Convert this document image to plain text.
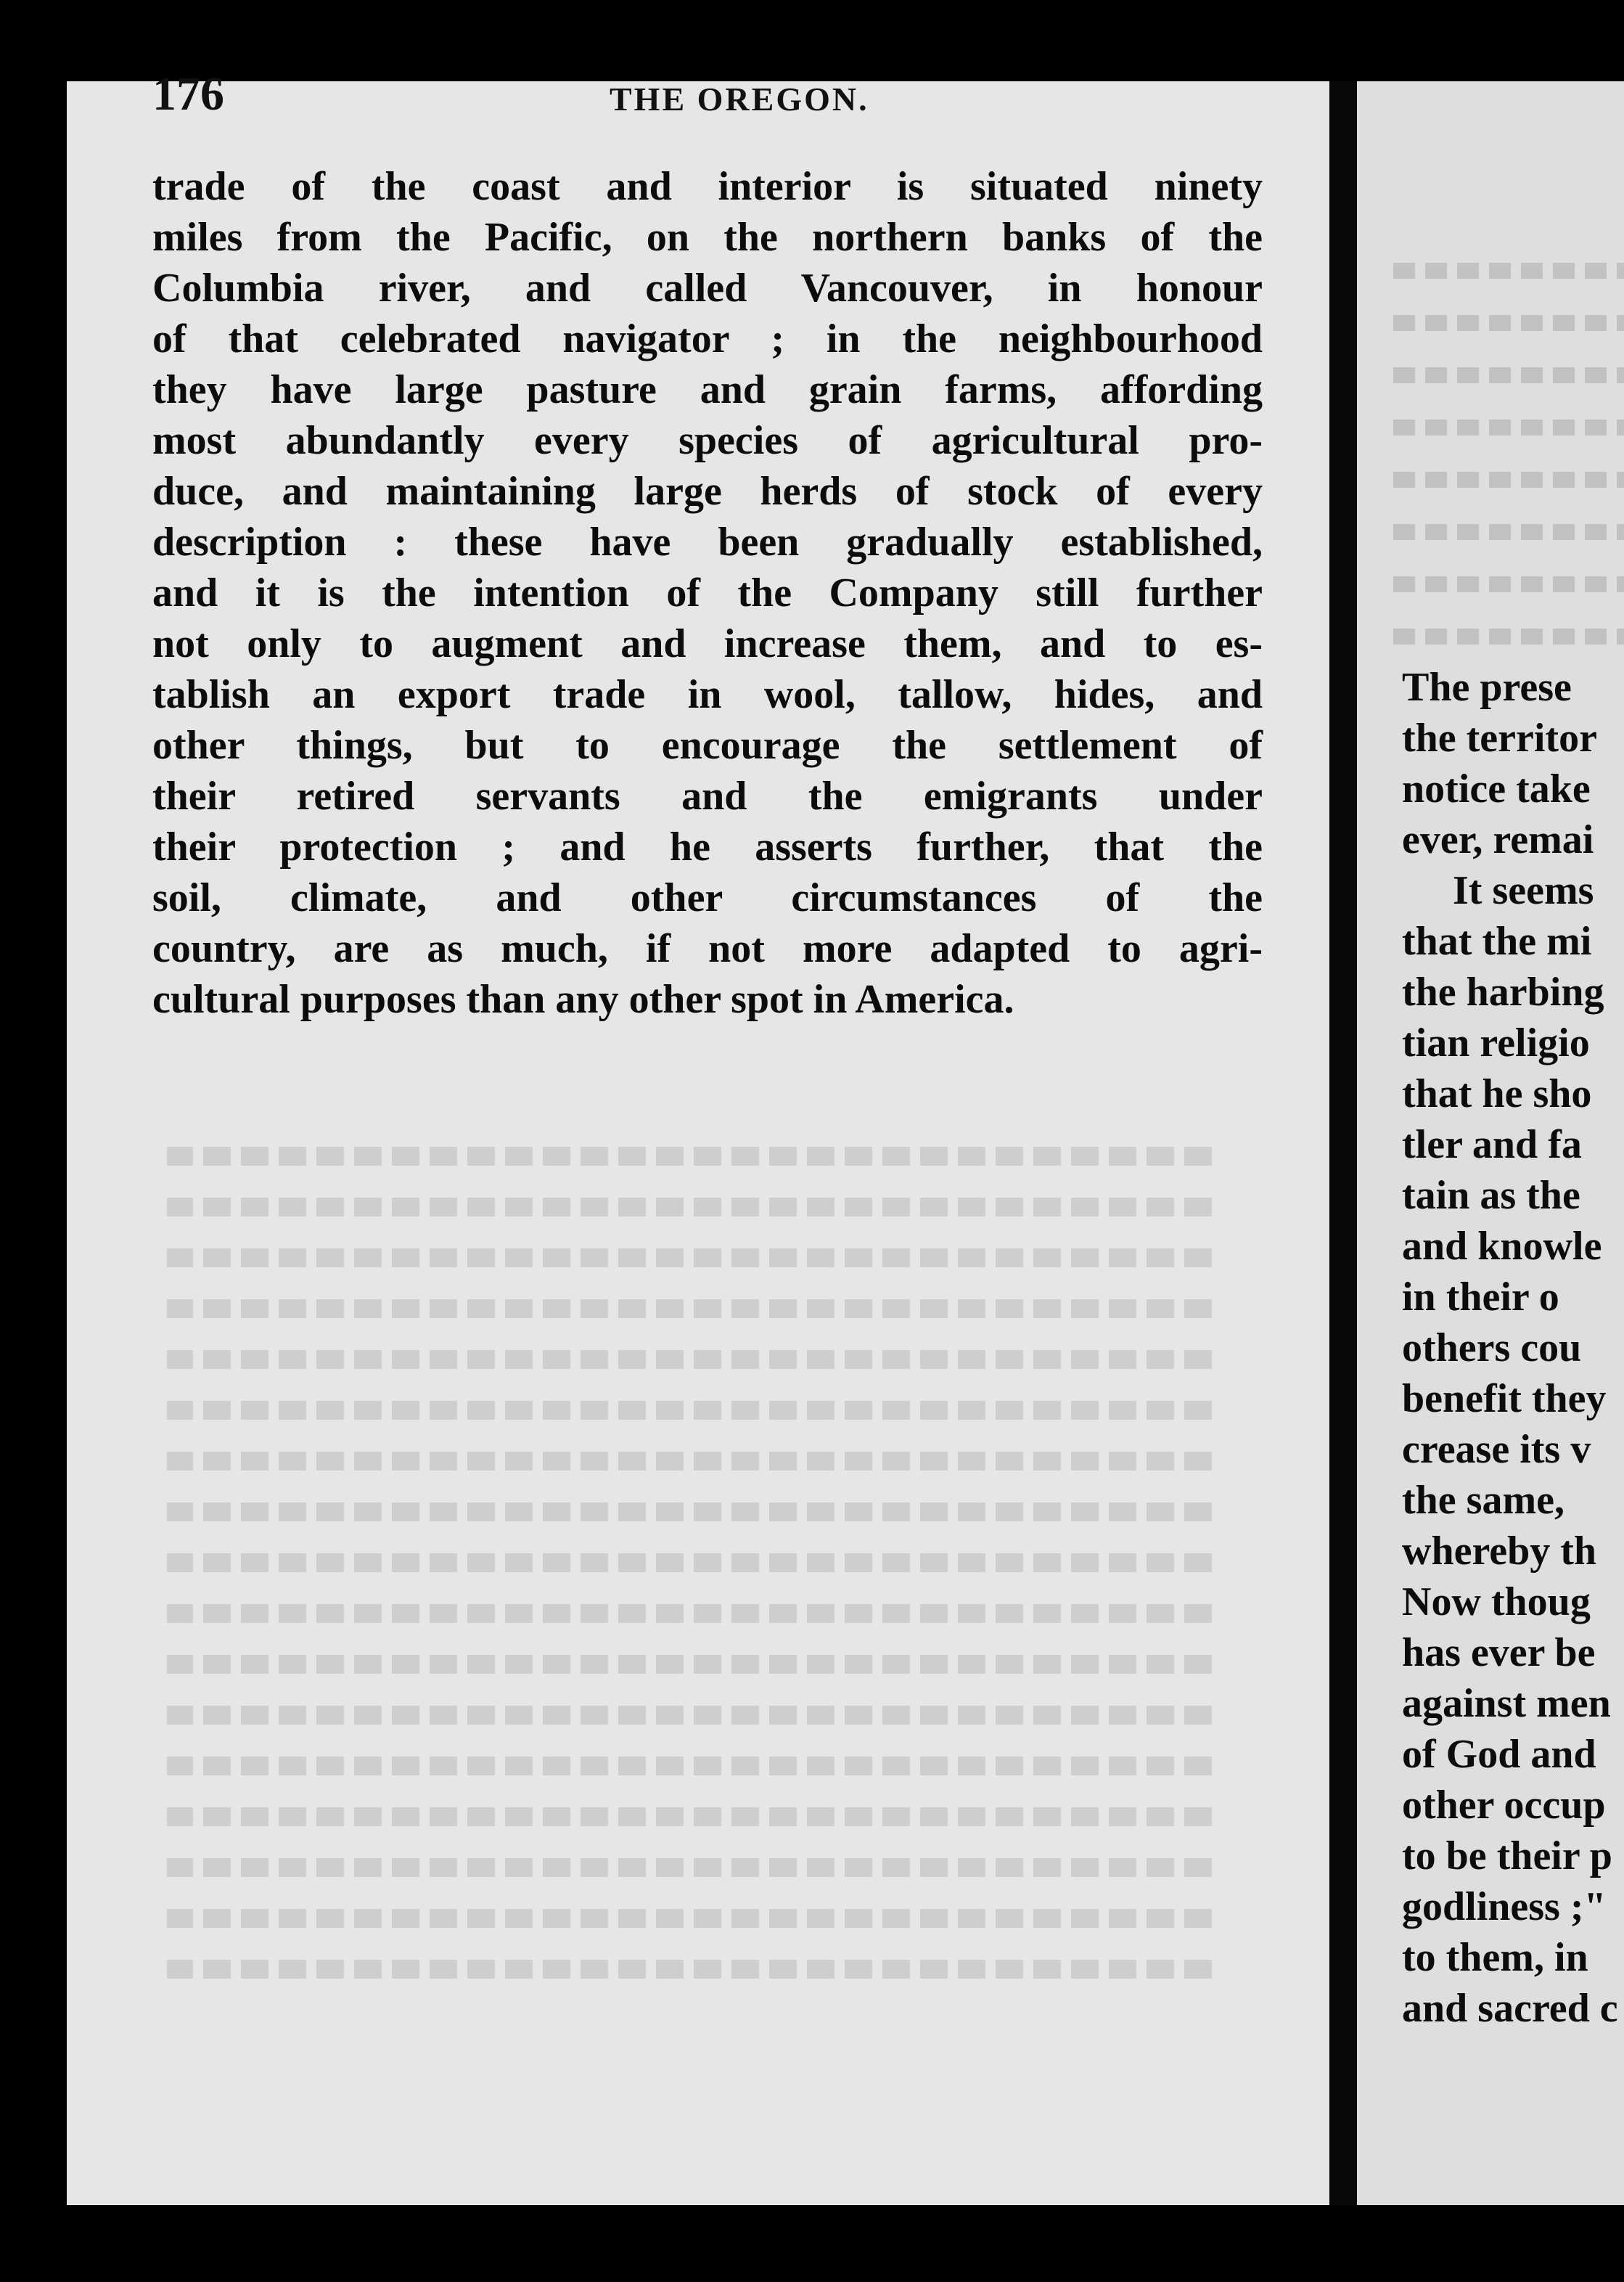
The prese
the territor
notice take
ever, remai
It seems
that the mi
the harbing
tian religio
that he sho
tler and fa
tain as the
and knowle
in their o
others cou
benefit they
crease its v
the same,
whereby th
Now thoug
has ever be
against men
of God and
other occup
to be their p
godliness ;"
to them, in
and sacred c
176	THE OREGON.
trade of the coast and interior is situated ninety
miles from the Pacific, on the northern banks of the
Columbia river, and called Vancouver, in honour
of that celebrated navigator ; in the neighbourhood
they have large pasture and grain farms, affording
most abundantly every species of agricultural pro-
duce, and maintaining large herds of stock of every
description : these have been gradually established,
and it is the intention of the Company still further
not only to augment and increase them, and to es-
tablish an export trade in wool, tallow, hides, and
other things, but to encourage the settlement of
their retired servants and the emigrants under
their protection ; and he asserts further, that the
soil, climate, and other circumstances of the
country, are as much, if not more adapted to agri-
cultural purposes than any other spot in America.
